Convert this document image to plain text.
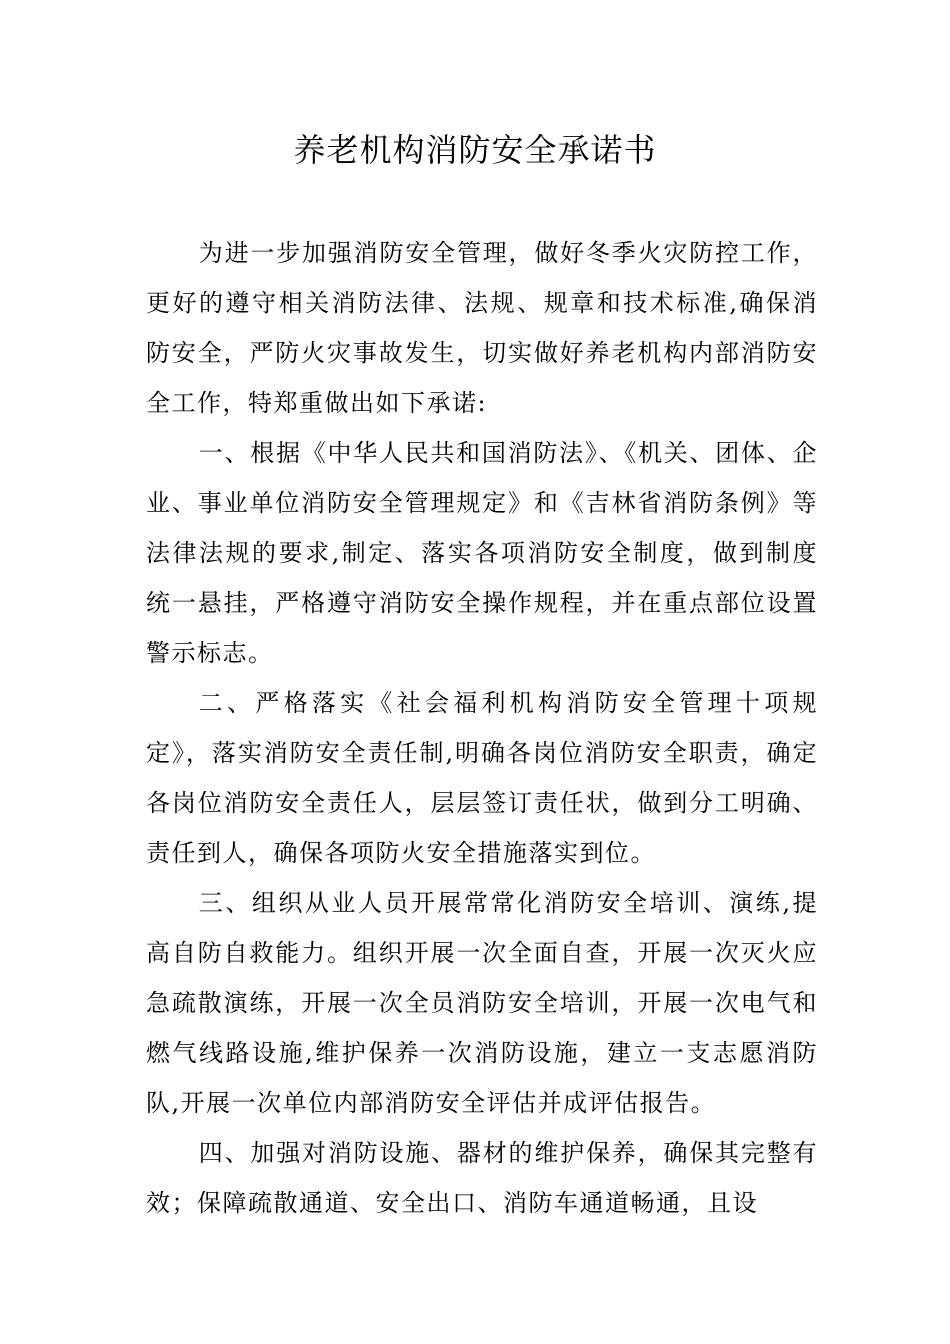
养老机构消防安全承诺书

为进一步加强消防安全管理，做好冬季火灾防控工作，更好的遵守相关消防法律、法规、规章和技术标准,确保消防安全，严防火灾事故发生，切实做好养老机构内部消防安全工作，特郑重做出如下承诺:

一、根据《中华人民共和国消防法》、《机关、团体、企业、事业单位消防安全管理规定》和《吉林省消防条例》等法律法规的要求,制定、落实各项消防安全制度，做到制度统一悬挂，严格遵守消防安全操作规程，并在重点部位设置警示标志。

二、严格落实《社会福利机构消防安全管理十项规定》，落实消防安全责任制,明确各岗位消防安全职责，确定各岗位消防安全责任人，层层签订责任状，做到分工明确、责任到人，确保各项防火安全措施落实到位。

三、组织从业人员开展常常化消防安全培训、演练,提高自防自救能力。组织开展一次全面自查，开展一次灭火应急疏散演练，开展一次全员消防安全培训，开展一次电气和燃气线路设施,维护保养一次消防设施，建立一支志愿消防队,开展一次单位内部消防安全评估并成评估报告。

四、加强对消防设施、器材的维护保养，确保其完整有效；保障疏散通道、安全出口、消防车通道畅通，且设
